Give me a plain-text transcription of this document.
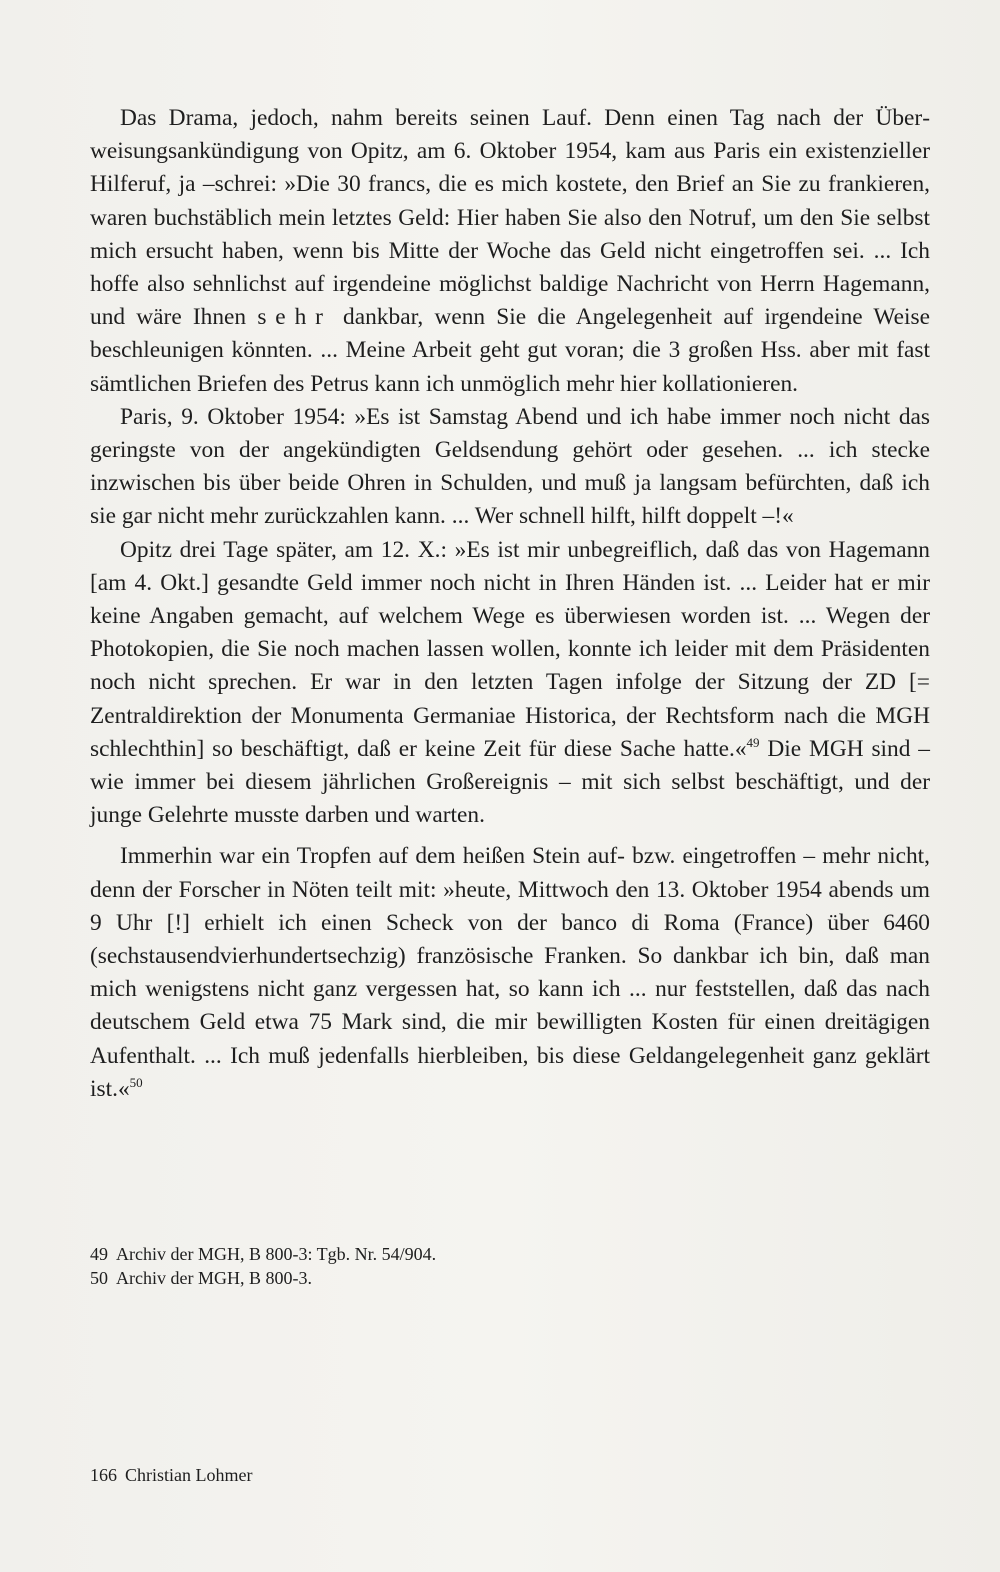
Das Drama, jedoch, nahm bereits seinen Lauf. Denn einen Tag nach der Überweisungsankündigung von Opitz, am 6. Oktober 1954, kam aus Paris ein existenzieller Hilferuf, ja –schrei: »Die 30 francs, die es mich kostete, den Brief an Sie zu frankieren, waren buchstäblich mein letztes Geld: Hier haben Sie also den Notruf, um den Sie selbst mich ersucht haben, wenn bis Mitte der Woche das Geld nicht eingetroffen sei. ... Ich hoffe also sehnlichst auf irgendeine möglichst baldige Nachricht von Herrn Hagemann, und wäre Ihnen sehr dankbar, wenn Sie die Angelegenheit auf irgendeine Weise beschleunigen könnten. ... Meine Arbeit geht gut voran; die 3 großen Hss. aber mit fast sämtlichen Briefen des Petrus kann ich unmöglich mehr hier kollationieren.

Paris, 9. Oktober 1954: »Es ist Samstag Abend und ich habe immer noch nicht das geringste von der angekündigten Geldsendung gehört oder gesehen. ... ich stecke inzwischen bis über beide Ohren in Schulden, und muß ja langsam befürchten, daß ich sie gar nicht mehr zurückzahlen kann. ... Wer schnell hilft, hilft doppelt –!«

Opitz drei Tage später, am 12. X.: »Es ist mir unbegreiflich, daß das von Hagemann [am 4. Okt.] gesandte Geld immer noch nicht in Ihren Händen ist. ... Leider hat er mir keine Angaben gemacht, auf welchem Wege es überwiesen worden ist. ... Wegen der Photokopien, die Sie noch machen lassen wollen, konnte ich leider mit dem Präsidenten noch nicht sprechen. Er war in den letzten Tagen infolge der Sitzung der ZD [= Zentraldirektion der Monumenta Germaniae Historica, der Rechtsform nach die MGH schlechthin] so beschäftigt, daß er keine Zeit für diese Sache hatte.«$^{49}$ Die MGH sind – wie immer bei diesem jährlichen Großereignis – mit sich selbst beschäftigt, und der junge Gelehrte musste darben und warten.

Immerhin war ein Tropfen auf dem heißen Stein auf- bzw. eingetroffen – mehr nicht, denn der Forscher in Nöten teilt mit: »heute, Mittwoch den 13. Oktober 1954 abends um 9 Uhr [!] erhielt ich einen Scheck von der banco di Roma (France) über 6460 (sechstausendvierhundertsechzig) französische Franken. So dankbar ich bin, daß man mich wenigstens nicht ganz vergessen hat, so kann ich ... nur feststellen, daß das nach deutschem Geld etwa 75 Mark sind, die mir bewilligten Kosten für einen dreitägigen Aufenthalt. ... Ich muß jedenfalls hierbleiben, bis diese Geldangelegenheit ganz geklärt ist.«$^{50}$

49 Archiv der MGH, B 800-3: Tgb. Nr. 54/904.
50 Archiv der MGH, B 800-3.
166 Christian Lohmer
